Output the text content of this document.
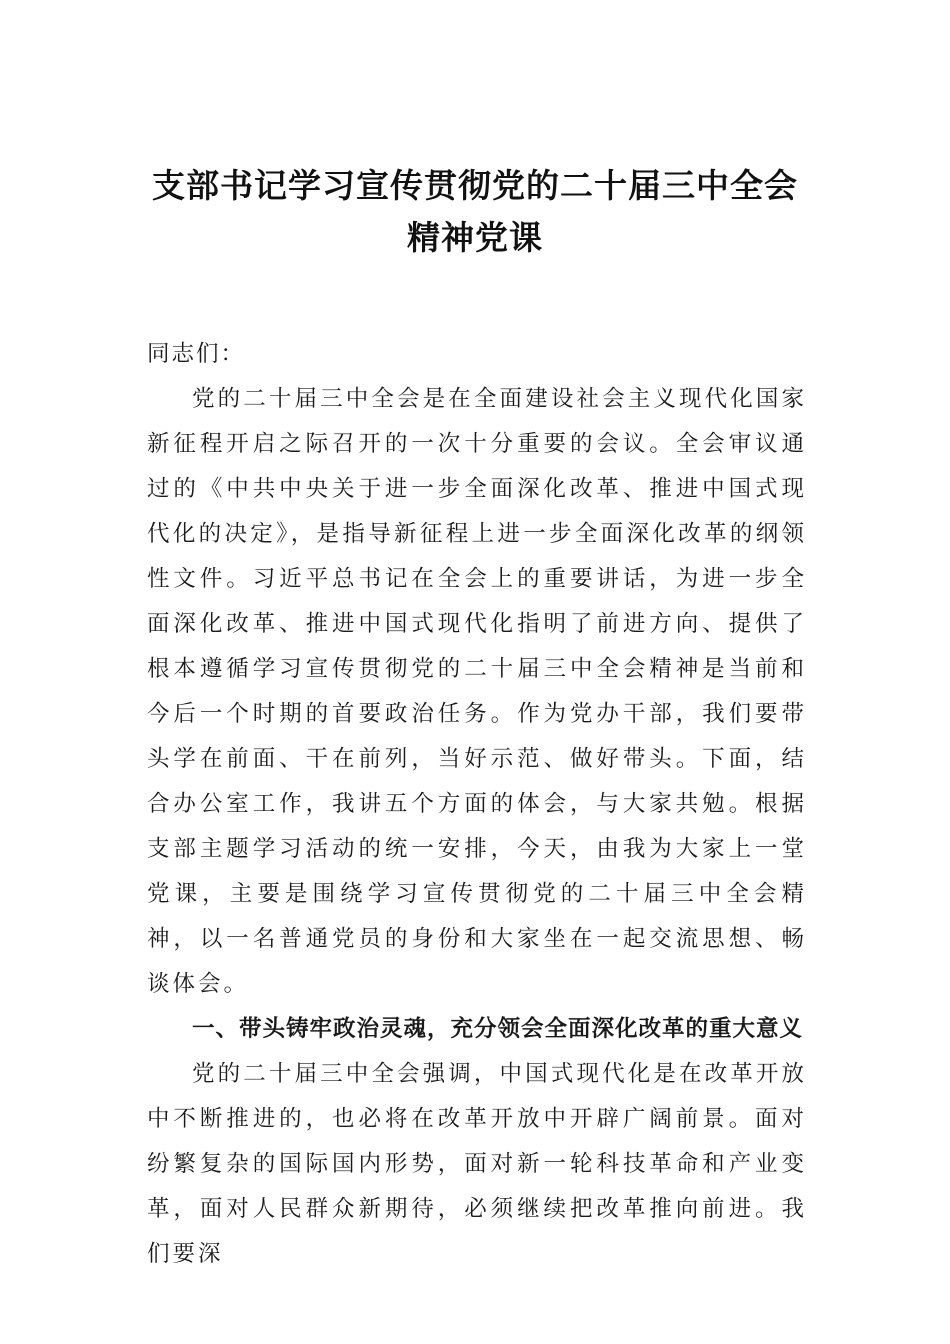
支部书记学习宣传贯彻党的二十届三中全会精神党课

同志们：

党的二十届三中全会是在全面建设社会主义现代化国家新征程开启之际召开的一次十分重要的会议。全会审议通过的《中共中央关于进一步全面深化改革、推进中国式现代化的决定》，是指导新征程上进一步全面深化改革的纲领性文件。习近平总书记在全会上的重要讲话，为进一步全面深化改革、推进中国式现代化指明了前进方向、提供了根本遵循学习宣传贯彻党的二十届三中全会精神是当前和今后一个时期的首要政治任务。作为党办干部，我们要带头学在前面、干在前列，当好示范、做好带头。下面，结合办公室工作，我讲五个方面的体会，与大家共勉。根据支部主题学习活动的统一安排，今天，由我为大家上一堂党课，主要是围绕学习宣传贯彻党的二十届三中全会精神，以一名普通党员的身份和大家坐在一起交流思想、畅谈体会。

一、带头铸牢政治灵魂，充分领会全面深化改革的重大意义

党的二十届三中全会强调，中国式现代化是在改革开放中不断推进的，也必将在改革开放中开辟广阔前景。面对纷繁复杂的国际国内形势，面对新一轮科技革命和产业变革，面对人民群众新期待，必须继续把改革推向前进。我们要深
